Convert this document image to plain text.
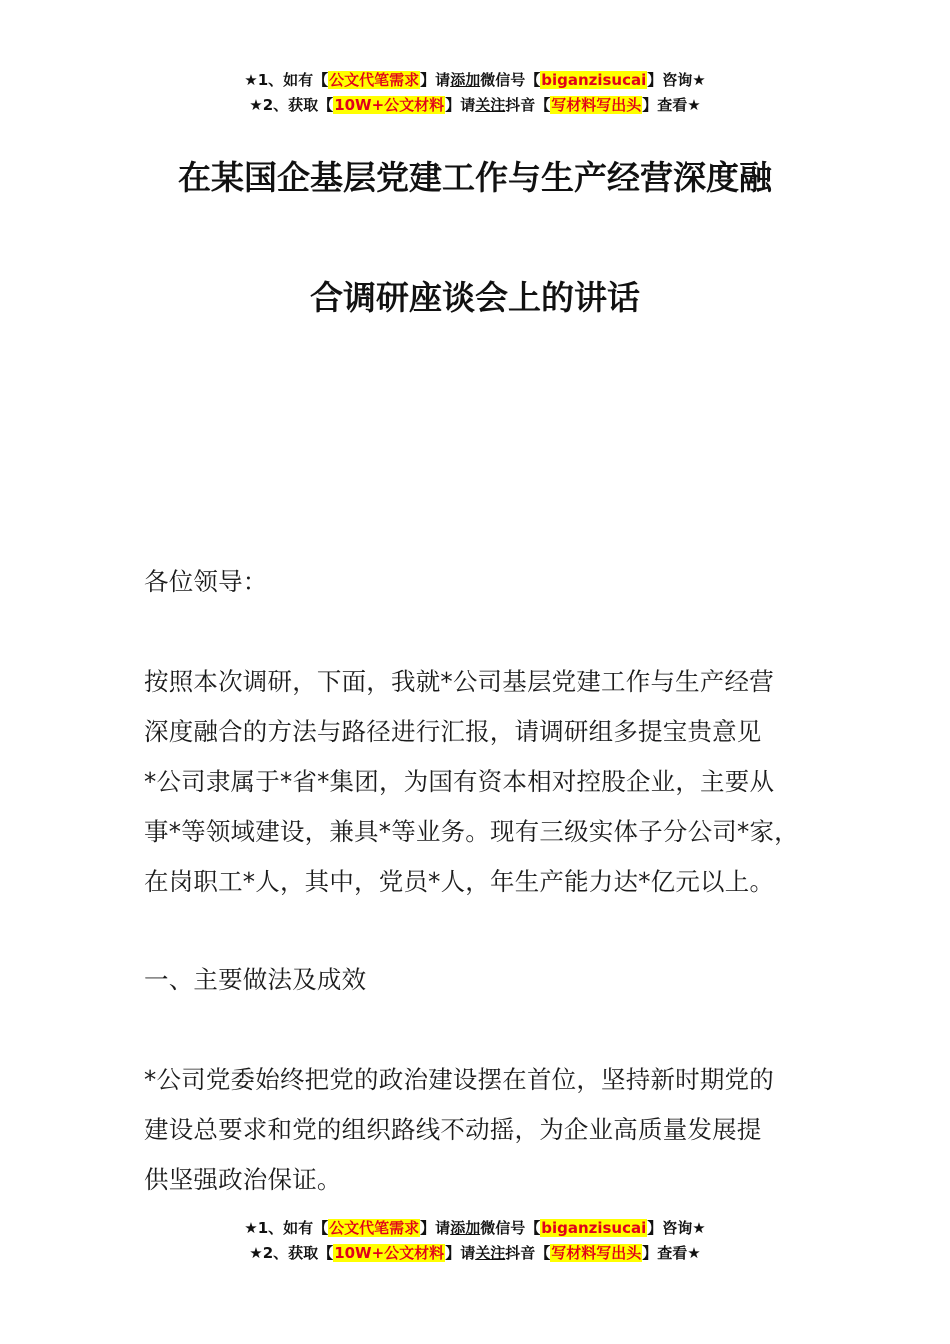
★1、如有【公文代笔需求】请添加微信号【biganzisucai】咨询★
★2、获取【10W+公文材料】请关注抖音【写材料写出头】查看★
在某国企基层党建工作与生产经营深度融
合调研座谈会上的讲话
各位领导：
按照本次调研，下面，我就*公司基层党建工作与生产经营
深度融合的方法与路径进行汇报，请调研组多提宝贵意见
*公司隶属于*省*集团，为国有资本相对控股企业，主要从
事*等领域建设，兼具*等业务。现有三级实体子分公司*家，
在岗职工*人，其中，党员*人，年生产能力达*亿元以上。
一、主要做法及成效
*公司党委始终把党的政治建设摆在首位，坚持新时期党的
建设总要求和党的组织路线不动摇，为企业高质量发展提
供坚强政治保证。
★1、如有【公文代笔需求】请添加微信号【biganzisucai】咨询★
★2、获取【10W+公文材料】请关注抖音【写材料写出头】查看★
